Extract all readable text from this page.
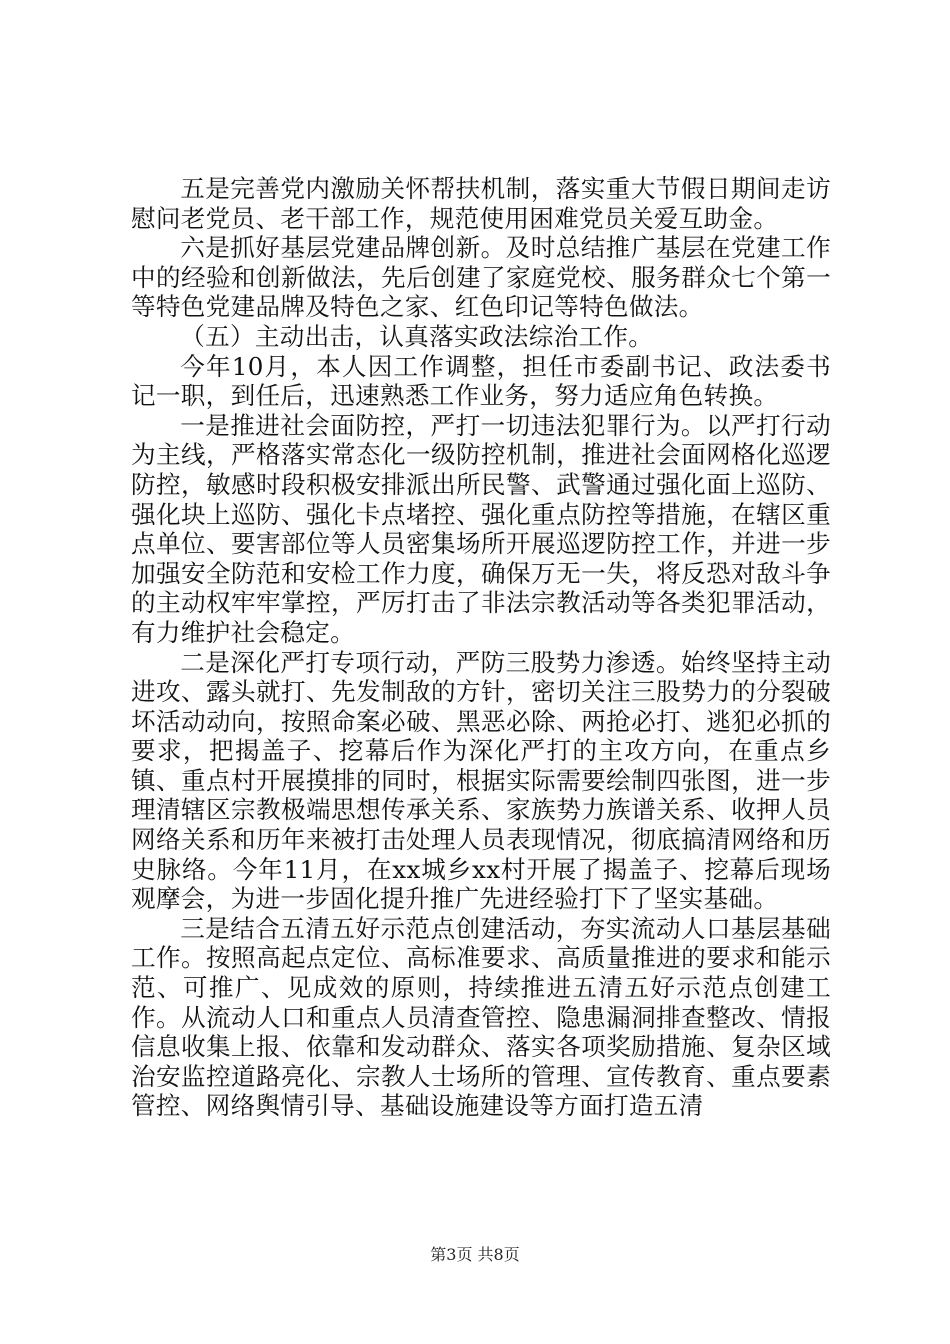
五是完善党内激励关怀帮扶机制，落实重大节假日期间走访慰问老党员、老干部工作，规范使用困难党员关爱互助金。

六是抓好基层党建品牌创新。及时总结推广基层在党建工作中的经验和创新做法，先后创建了家庭党校、服务群众七个第一等特色党建品牌及特色之家、红色印记等特色做法。

（五）主动出击，认真落实政法综治工作。

今年10月，本人因工作调整，担任市委副书记、政法委书记一职，到任后，迅速熟悉工作业务，努力适应角色转换。

一是推进社会面防控，严打一切违法犯罪行为。以严打行动为主线，严格落实常态化一级防控机制，推进社会面网格化巡逻防控，敏感时段积极安排派出所民警、武警通过强化面上巡防、强化块上巡防、强化卡点堵控、强化重点防控等措施，在辖区重点单位、要害部位等人员密集场所开展巡逻防控工作，并进一步加强安全防范和安检工作力度，确保万无一失，将反恐对敌斗争的主动权牢牢掌控，严厉打击了非法宗教活动等各类犯罪活动，有力维护社会稳定。

二是深化严打专项行动，严防三股势力渗透。始终坚持主动进攻、露头就打、先发制敌的方针，密切关注三股势力的分裂破坏活动动向，按照命案必破、黑恶必除、两抢必打、逃犯必抓的要求，把揭盖子、挖幕后作为深化严打的主攻方向，在重点乡镇、重点村开展摸排的同时，根据实际需要绘制四张图，进一步理清辖区宗教极端思想传承关系、家族势力族谱关系、收押人员网络关系和历年来被打击处理人员表现情况，彻底搞清网络和历史脉络。今年11月，在xx城乡xx村开展了揭盖子、挖幕后现场观摩会，为进一步固化提升推广先进经验打下了坚实基础。

三是结合五清五好示范点创建活动，夯实流动人口基层基础工作。按照高起点定位、高标准要求、高质量推进的要求和能示范、可推广、见成效的原则，持续推进五清五好示范点创建工作。从流动人口和重点人员清查管控、隐患漏洞排查整改、情报信息收集上报、依靠和发动群众、落实各项奖励措施、复杂区域治安监控道路亮化、宗教人士场所的管理、宣传教育、重点要素管控、网络舆情引导、基础设施建设等方面打造五清

第3页 共8页
